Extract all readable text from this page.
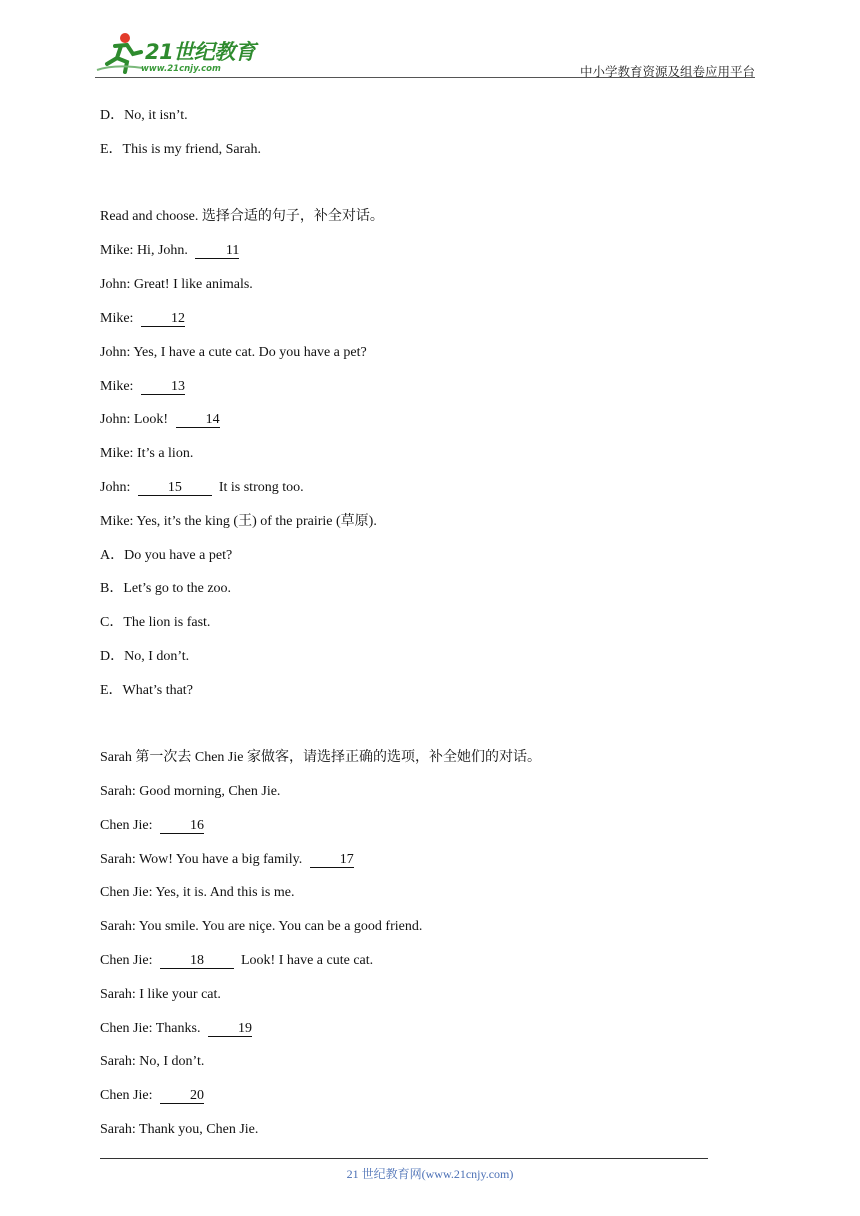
21世纪教育
www.21cnjy.com	中小学教育资源及组卷应用平台
D．No, it isn’t.
E．This is my friend, Sarah.
Read and choose. 选择合适的句子，补全对话。
Mike: Hi, John.	11
John: Great! I like animals.
Mike:	12
John: Yes, I have a cute cat. Do you have a pet?
Mike:	13
John: Look!	14
Mike: It’s a lion.
John:	15	It is strong too.
Mike: Yes, it’s the king (王) of the prairie (草原).
A．Do you have a pet?
B．Let’s go to the zoo.
C．The lion is fast.
D．No, I don’t.
E．What’s that?
Sarah 第一次去 Chen Jie 家做客，请选择正确的选项，补全她们的对话。
Sarah: Good morning, Chen Jie.
Chen Jie:	16
Sarah: Wow! You have a big family.	17
Chen Jie: Yes, it is. And this is me.
Sarah: You smile. You are niçe. You can be a good friend.
Chen Jie:	18	Look! I have a cute cat.
Sarah: I like your cat.
Chen Jie: Thanks.	19
Sarah: No, I don’t.
Chen Jie:	20
Sarah: Thank you, Chen Jie.
21 世纪教育网(www.21cnjy.com)
